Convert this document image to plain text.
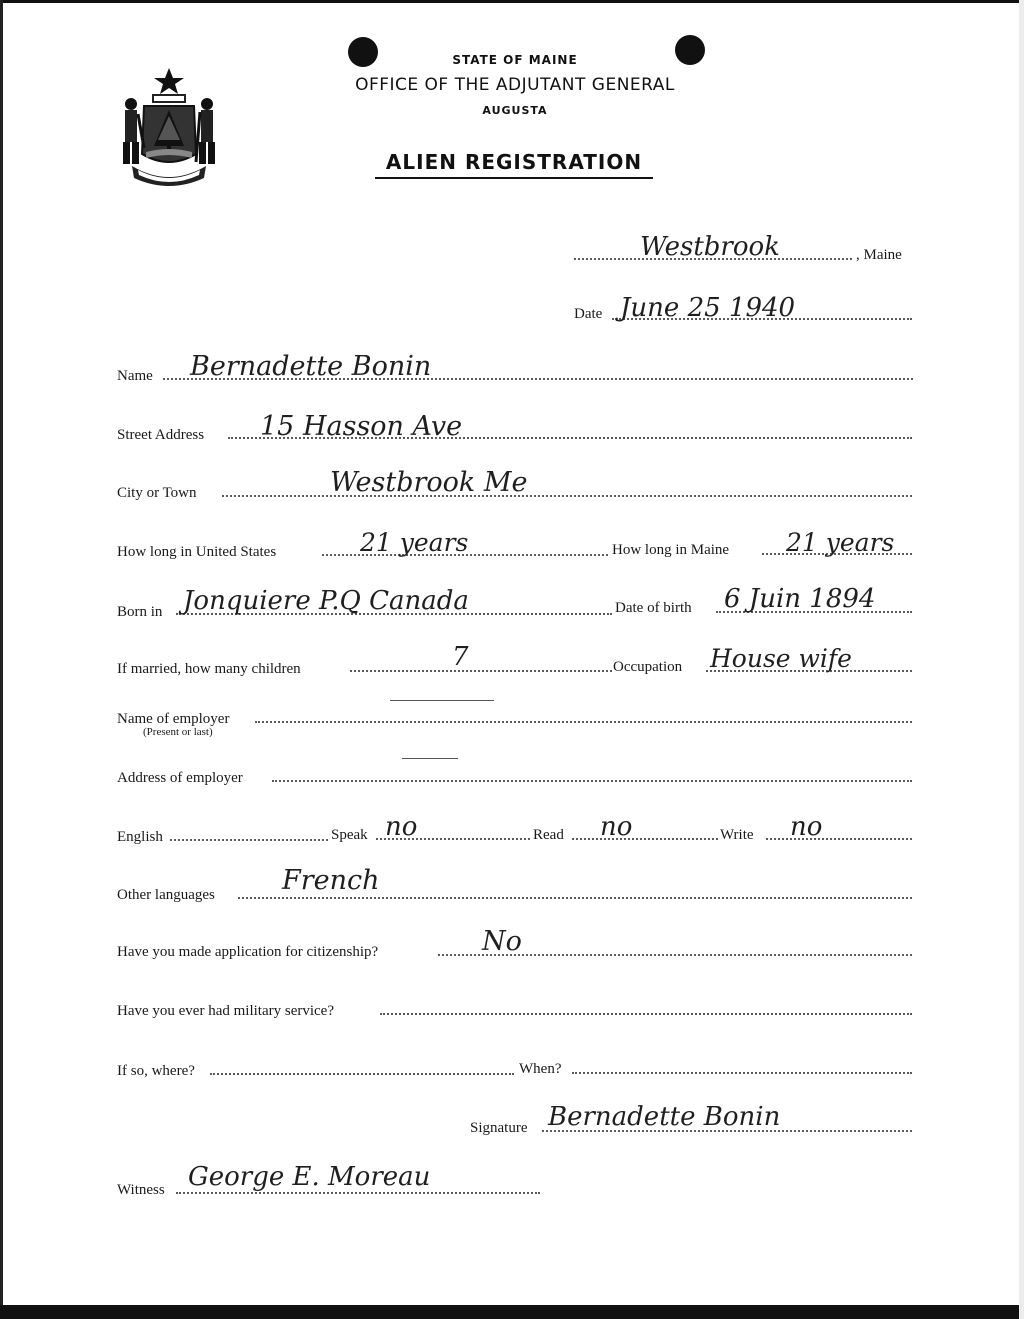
STATE OF MAINE
OFFICE OF THE ADJUTANT GENERAL
AUGUSTA
ALIEN REGISTRATION
Westbrook	, Maine
Date June 25 1940
Name Bernadette Bonin
Street Address 15 Hasson Ave
City or Town	Westbrook Me
How long in United States	21 years	How long in Maine 21 years
Born in Jonquiere P.Q Canada	Date of birth 6 Juin 1894
If married, how many children	7	Occupation House wife
Name of employer
(Present or last)
Address of employer
English	Speak no	Read no	Write no
Other languages French
Have you made application for citizenship?	No
Have you ever had military service?
If so, where?	When?
Signature Bernadette Bonin
Witness George E. Moreau
